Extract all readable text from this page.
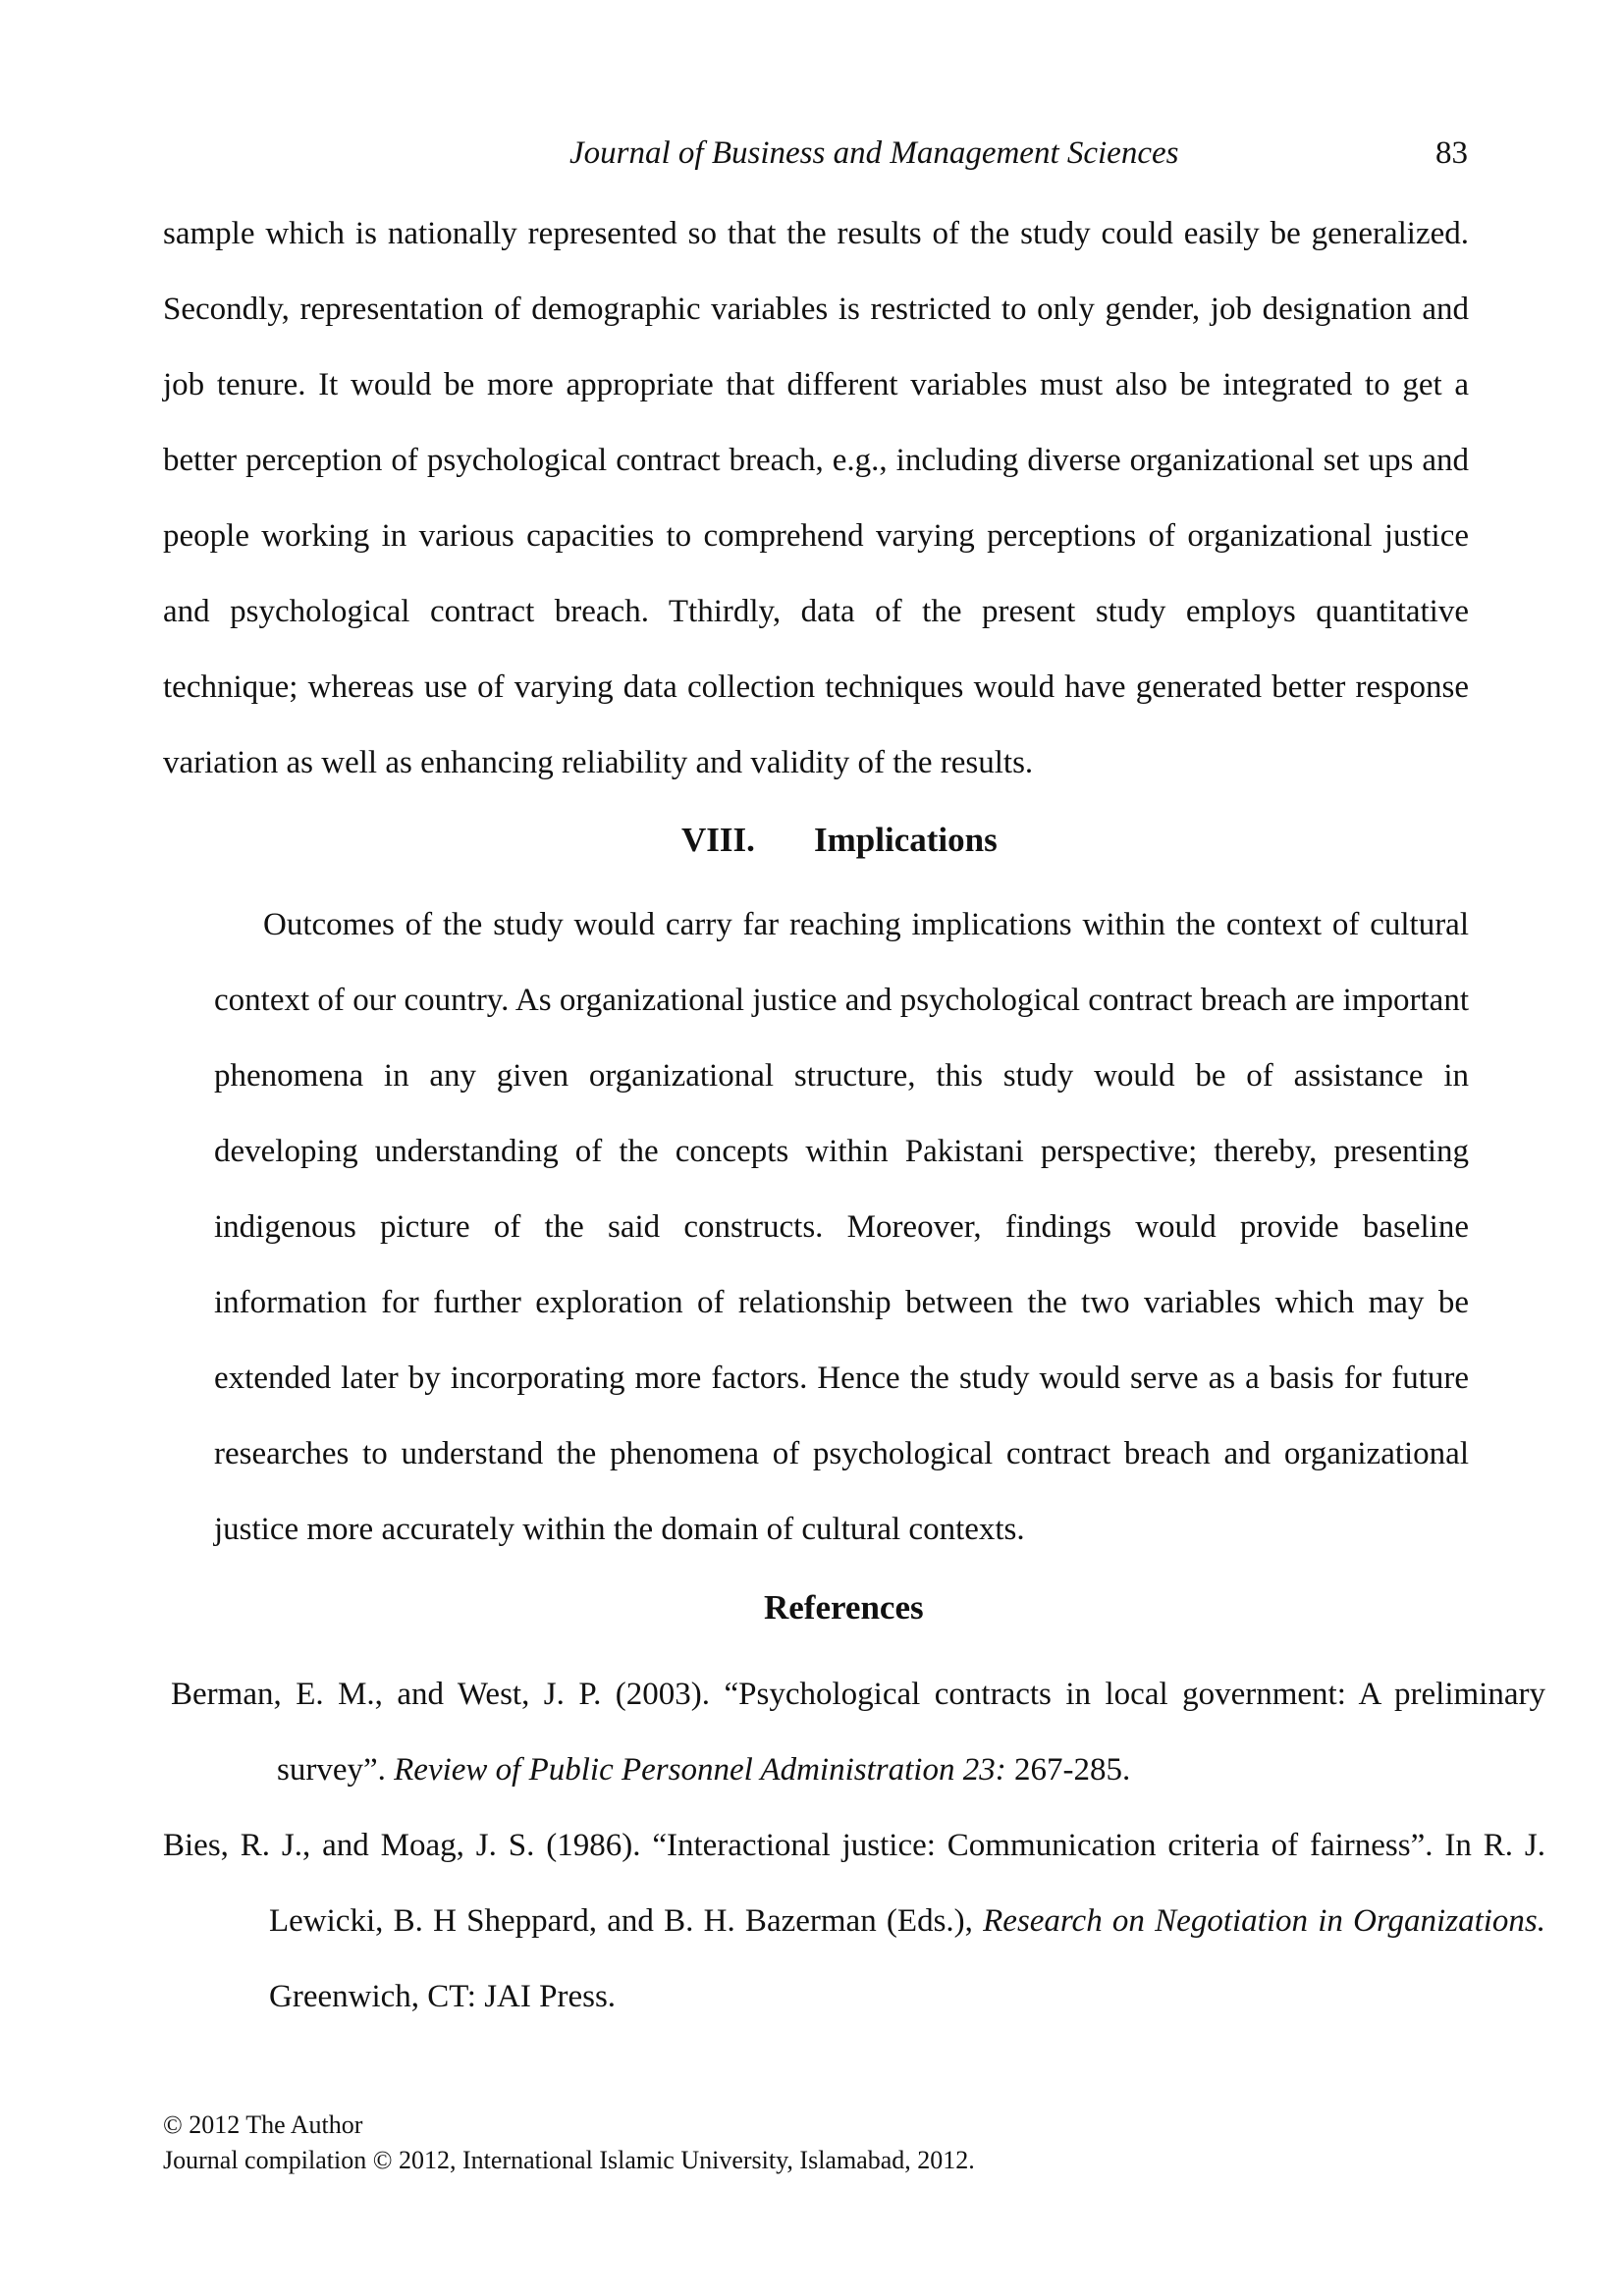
Journal of Business and Management Sciences	83

sample which is nationally represented so that the results of the study could easily be generalized. Secondly, representation of demographic variables is restricted to only gender, job designation and job tenure. It would be more appropriate that different variables must also be integrated to get a better perception of psychological contract breach, e.g., including diverse organizational set ups and people working in various capacities to comprehend varying perceptions of organizational justice and psychological contract breach. Tthirdly, data of the present study employs quantitative technique; whereas use of varying data collection techniques would have generated better response variation as well as enhancing reliability and validity of the results.

VIII. Implications

Outcomes of the study would carry far reaching implications within the context of cultural context of our country. As organizational justice and psychological contract breach are important phenomena in any given organizational structure, this study would be of assistance in developing understanding of the concepts within Pakistani perspective; thereby, presenting indigenous picture of the said constructs. Moreover, findings would provide baseline information for further exploration of relationship between the two variables which may be extended later by incorporating more factors. Hence the study would serve as a basis for future researches to understand the phenomena of psychological contract breach and organizational justice more accurately within the domain of cultural contexts.

References

Berman, E. M., and West, J. P. (2003). “Psychological contracts in local government: A preliminary survey”. Review of Public Personnel Administration 23: 267-285.

Bies, R. J., and Moag, J. S. (1986). “Interactional justice: Communication criteria of fairness”. In R. J. Lewicki, B. H Sheppard, and B. H. Bazerman (Eds.), Research on Negotiation in Organizations. Greenwich, CT: JAI Press.

© 2012 The Author
Journal compilation © 2012, International Islamic University, Islamabad, 2012.
